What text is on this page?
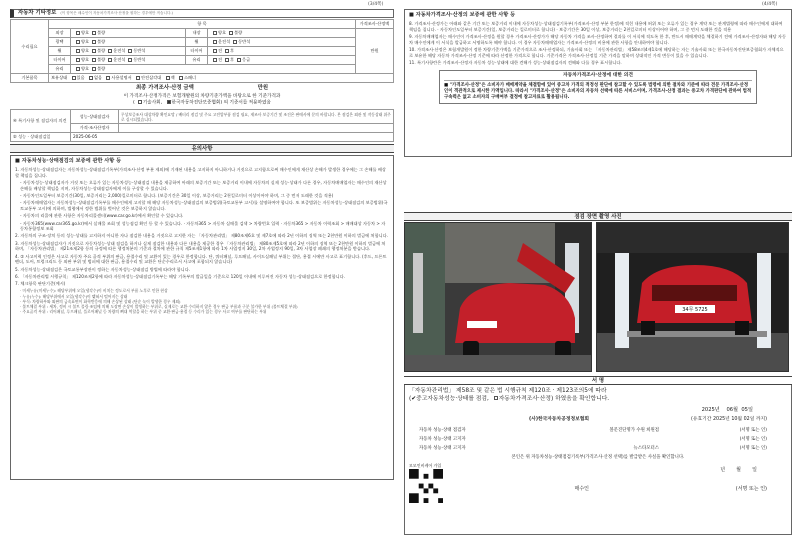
(3/4쪽)
자동차 기타정보 (이 항목은 매수인이 자동차가격조사·산정을 원하는 경우에만 적습니다.)
수리필요	항 목				가격조사·산정액
	외장	양호 불량	내장	양호 불량	만원
	광택	양호 불량	휠	운전석 동반석	
	휠	양호 불량 운전석 동반석	타이어	전 후	
	타이어	양호 불량 운전석 동반석	유리	전 후 응급	
	유리	양호 불량			
기본품목	보유상태 있음 없음 사용설명서 안전삼각대 잭 스패너				
최종 가격조사·산정 금액	만원
이 가격조사·산정가격은 보험개발원의 차량기준가액을 바탕으로 한 기준가격과
( 기술사회, 한국자동차진단보증협회) 의 기준서를 적용하였음
④ 특기사항 및 점검자의 의견	성능·상태점검자	무상보증조사 대상차량 확인요망 / 배터리 점검 및 주요 고전압부품 점검 필요, 제조사 보증기간 및 조건은 판매사에 문의 바랍니다. 본 점검은 외관 및 작동상태 위주로 실시되었습니다.
	가격·조사산정자	
⑤ 성능 · 상태점검일	2025-06-05	
유의사항
■ 자동차성능·상태점검의 보증에 관한 사항 등
1. 자동차성능·상태점검자는 자동차성능·상태점검기록부(가격조사·산정 부분 제외)에 기재된 내용을 고지하지 아니하거나 거짓으로 고지함으로써 매수인에게 재산상 손해가 발생한 경우에는 그 손해를 배상할 책임을 집니다.
- 자동차성능·상태점검자가 거짓 또는 오류가 있는 자동차성능·상태점검 내용을 제공하여 아래의 보증기간 또는 보증거리 이내에 자동차의 실제 성능·상태가 다른 경우, 자동차매매업자는 매수인의 재산상 손해를 배상할 책임을 지며, 자동차성능·상태점검자에게 이를 구상할 수 있습니다.
- 자동차인도일부터 보증기간(30일, 보증거리는 2,000)킬로미터로 합니다. (보증기간은 30일 이상, 보증거리는 2천킬로미터 이상이어야 하며, 그 중 먼저 도래한 것을 적용)
- 자동차매매업자는 자동차성능·상태점검기록부를 매수인에게 고지할 때 해당 자동차성능·상태점검의 보증범위(국토교통부 고시)를 설명하여야 합니다. 또 보증범위는 자동차성능·상태점검의 보증범위(국토교통부 고시)에 의하며, 법령에서 정한 범위를 벗어난 것은 보증하지 않습니다.
- 자동차의 리콜에 관한 사항은 자동차리콜센터(www.car.go.kr)에서 확인할 수 있습니다.
- 자동차365(www.car365.go.kr)에서 실매물 조회 및 성능점검 확인 등 할 수 있습니다. · 자동차365 > 자동차 실매물 검색 > 차량번호 입력 · 자동차365 > 자동차 이력조회 > 매매대상 자동차 > 자동차통합정보 조회
2. 자동차의 구조·장치 등의 성능·상태를 고지하지 아니한 자나 점검한 내용을 거짓으로 고지한 자는 「자동차관리법」 제80조제6호 및 제7호에 따라 2년 이하의 징역 또는 2천만원 이하의 벌금에 처합니다.
3. 자동차성능·상태점검자가 거짓으로 자동차성능·상태 점검을 하거나 실제 점검한 내용과 다른 내용을 제공한 경우 「자동차관리법」 제80조제5호에 따라 2년 이하의 징역 또는 2천만원 이하의 벌금에 처하며, 「자동차관리법」 제21조제2항 등의 규정에 따른 행정처분의 기준과 절차에 관한 규칙 제5조제1항에 따라 1차 사업정지 30일, 2차 사업정지 90일, 3차 사업장 폐쇄의 행정처분을 받습니다.
4. ② 사고이력 인정은 사고로 자동차 주요 골격 부위의 판금, 용접수리 및 교환이 있는 경우로 한정합니다. 단, 쿼터패널, 루프패널, 사이드실패널 부위는 절단, 용접 시에만 사고로 표기합니다. (후드, 프론트펜더, 도어, 트렁크리드 등 외판 부위 및 범퍼에 대한 판금, 용접수리 및 교환은 단순수리로서 사고에 포함되지 않습니다)
5. 자동차성능·상태점검은 국토교통부장관이 정하는 자동차성능·상태점검 방법에 따라야 합니다.
6. 「자동차관리법 시행규칙」 제120조제2항에 따라 자동차성능·상태점검기록부는 해당 기록부의 발급일을 기준으로 120일 이내에 이루어진 자동차 성능·상태점검으로 한정합니다.
7. 체크항목 판단기준(예시)
· 미세누유(미세누수): 해당부위에 오일(냉각수)이 비치는 정도로서 부품 노후로 인한 현상
· 누유(누수): 해당부위에서 오일(냉각수)이 맺혀서 떨어지는 상태
· 부식: 차량하부와 외판의 금속표면이 화학반응에 의해 손상된 상태 (단순 녹이 발생한 경우 제외)
· 볼트체결 부위 : 세차, 정비 시 볼트 풀림·조임에 의해 도장면 손상이 발생하는 부위로, 실제로는 교환·수리하지 않은 경우 판금 부품과 구분 불가한 부위 (볼트체결 부위)
· 주요골격 부위 : 리어패널, 루프패널, 플로어패널 등 차량의 뼈대 역할을 하는 부위 중 교환·판금·용접 등 수리가 있는 경우 사고 여부를 판단하는 부위
(4/4쪽)
■ 자동차가격조사·산정의 보증에 관한 사항 등
8. 가격조사·산정가는 아래와 같은 기간 또는 보증거리 이내에 자동차성능·상태점검기록부(가격조사·산정 부분 한정)에 적힌 내용에 허위 또는 오류가 있는 경우 계약 또는 관계법령에 따라 매수인에게 대하여 책임을 집니다. · 자동차인도일부터 보증기간(일, 보증거리는 킬로미터로 합니다) · 보증기간은 30일 이상, 보증거리는 2천킬로미터 이상이어야 하며, 그 중 먼저 도래한 것을 적용
9. 자동차매매업자는 매수인이 가격조사·산정을 원할 경우 가격조사·산정가가 해당 자동차 가격을 조사·산정하여 결과를 이 서식에 적도록 한 후, 반드시 매매계약을 체결하기 전에 가격조사·산정자와 해당 자동차 매수인에게 이 서식을 발급하고 서명하도록 해야 합니다. 이 경우 자동차매매업자는 가격조사·산정의 비용에 관한 사항을 안내하여야 합니다.
10. 가격조사·산정은 보험개발원이 정한 차량기준가액을 기준가격으로 조사·산정하되, 기술사회 또는 「자동차관리법」 제58조의4제1호에 해당하는 자는 기술사회 또는 한국자동차진단보증협회가 자체적으로 보유한 해당 자동차 가격조사·산정 기준에 따라 산정한 가격으로 합니다. 기준가격은 가격조사·산정일 기준 가격을 말하며 상대적인 가격 변동이 있을 수 있습니다.
11. 특기사항란은 가격조사·산정자 자동차 성능·상태에 대한 견해가 성능·상태점검자의 견해와 다를 경우 표시합니다.
자동차가격조사·산정에 대한 의견
■ "가격조사·산정"은 소비자가 매매계약을 체결함에 있어 중고차 가격의 적정성 판단에 참고할 수 있도록 법령에 의한 절차와 기준에 따라 전문 가격조사·산정인이 객관적으로 제시한 가액입니다. 따라서 "가격조사·산정"은 소비자의 자동차 선택에 따른 서비스이며, 가격조사·산정 결과는 중고차 가격판단에 관하여 법적 구속력은 없고 소비자의 구매여부 결정에 참고자료로 활용됩니다.
점검 장면 촬영 사진
34무 5725
서 명
「자동차관리법」 제58조 및 같은 법 시행규칙 제120조 · 제123조의5에 따라
(✔중고자동차성능·상태를 점검, 자동차가격조사·산정) 하였음을 확인합니다.
2025년 06월 05일
(사)한국자동차공정정보협회	(유효기간 2025년 10월 02일 까지)
자동차 성능·상태 점검자	볼문진단명가 수원 희원점	(서명 또는 인)
자동차 성능·상태 고지자	(서명 또는 인)
자동차 성능·상태 고지자	뉴스타모터스	(서명 또는 인)
본인은 위 자동차성능·상태점검기록부(가격조사·산정 선택)를 발급받은 사실을 확인합니다.
모모인비케어 가입
년 월 일
매수인	(서명 또는 인)
